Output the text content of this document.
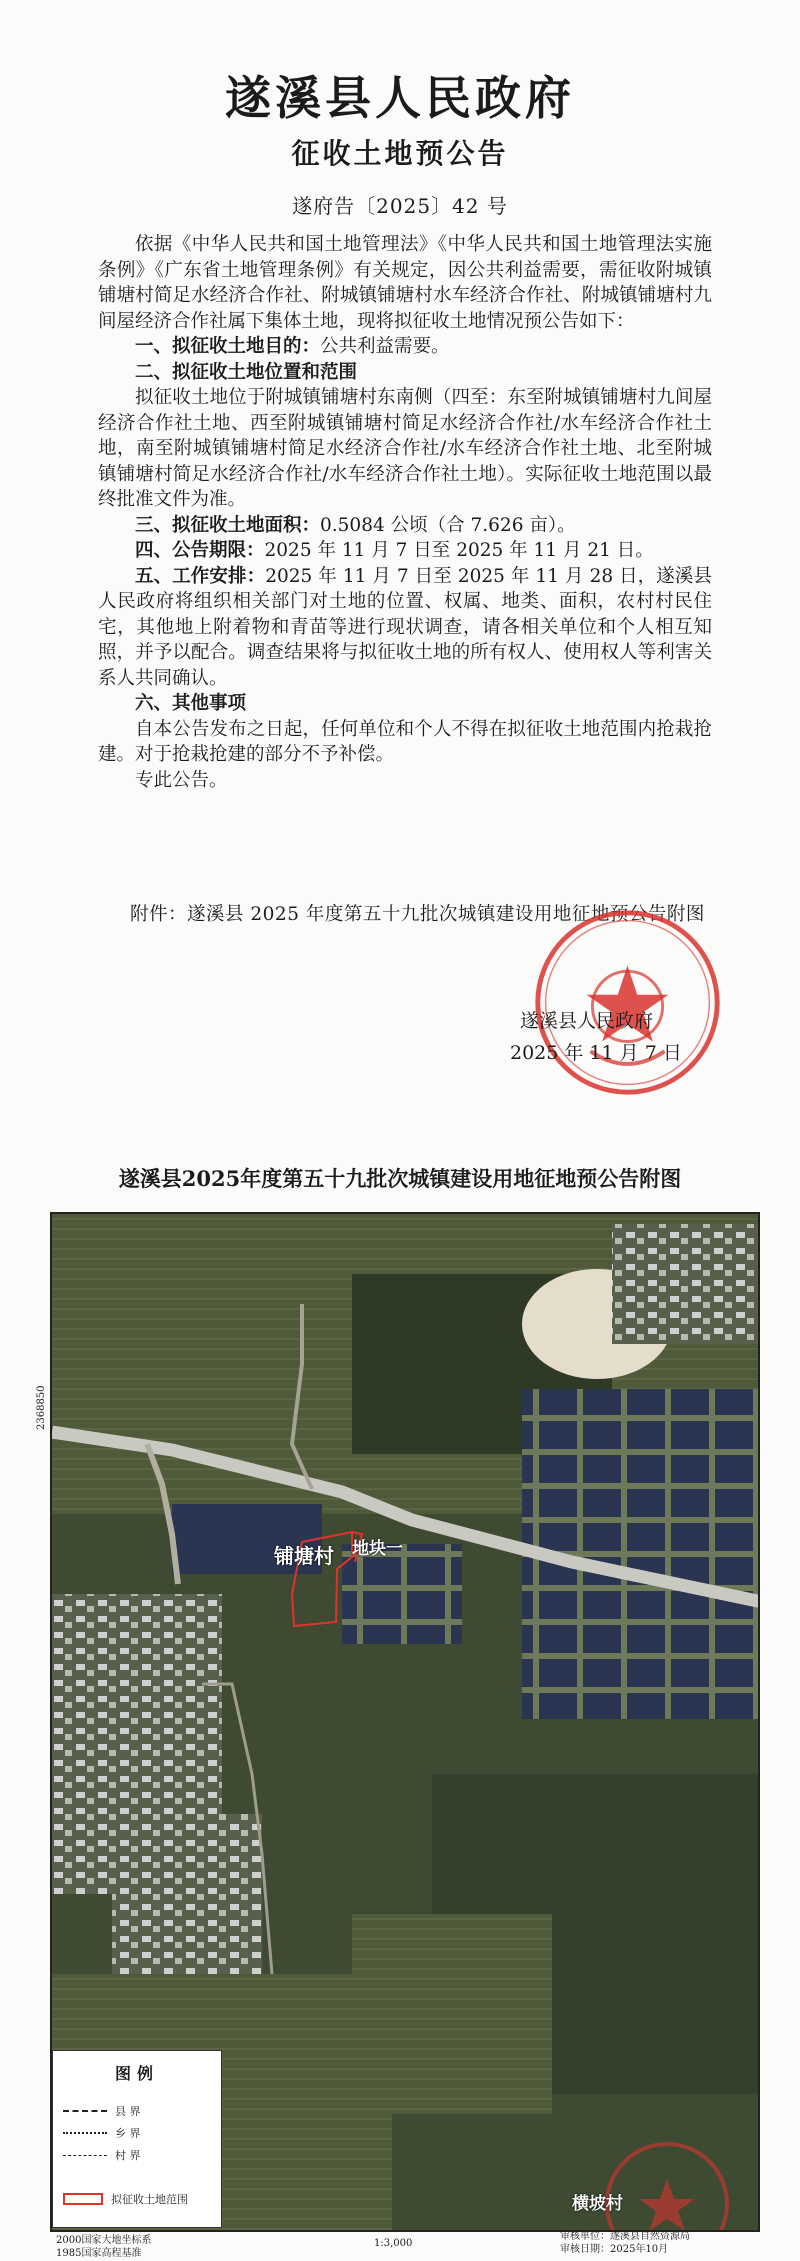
遂溪县人民政府
征收土地预公告
遂府告〔2025〕42 号

依据《中华人民共和国土地管理法》《中华人民共和国土地管理法实施条例》《广东省土地管理条例》有关规定，因公共利益需要，需征收附城镇铺塘村简足水经济合作社、附城镇铺塘村水车经济合作社、附城镇铺塘村九间屋经济合作社属下集体土地，现将拟征收土地情况预公告如下：

一、拟征收土地目的：公共利益需要。

二、拟征收土地位置和范围

拟征收土地位于附城镇铺塘村东南侧（四至：东至附城镇铺塘村九间屋经济合作社土地、西至附城镇铺塘村简足水经济合作社/水车经济合作社土地，南至附城镇铺塘村简足水经济合作社/水车经济合作社土地、北至附城镇铺塘村简足水经济合作社/水车经济合作社土地）。实际征收土地范围以最终批准文件为准。

三、拟征收土地面积：0.5084 公顷（合 7.626 亩）。

四、公告期限：2025 年 11 月 7 日至 2025 年 11 月 21 日。

五、工作安排：2025 年 11 月 7 日至 2025 年 11 月 28 日，遂溪县人民政府将组织相关部门对土地的位置、权属、地类、面积，农村村民住宅，其他地上附着物和青苗等进行现状调查，请各相关单位和个人相互知照，并予以配合。调查结果将与拟征收土地的所有权人、使用权人等利害关系人共同确认。

六、其他事项

自本公告发布之日起，任何单位和个人不得在拟征收土地范围内抢栽抢建。对于抢栽抢建的部分不予补偿。

专此公告。

附件：遂溪县 2025 年度第五十九批次城镇建设用地征地预公告附图
遂溪县人民政府
2025 年 11 月 7 日
遂溪县2025年度第五十九批次城镇建设用地征地预公告附图
2368850
铺塘村 地块一
横坡村
图例
县 界
乡 界
村 界
拟征收土地范围
2000国家大地坐标系
1985国家高程基准
1:3,000
审核单位：遂溪县自然资源局
审核日期：2025年10月
